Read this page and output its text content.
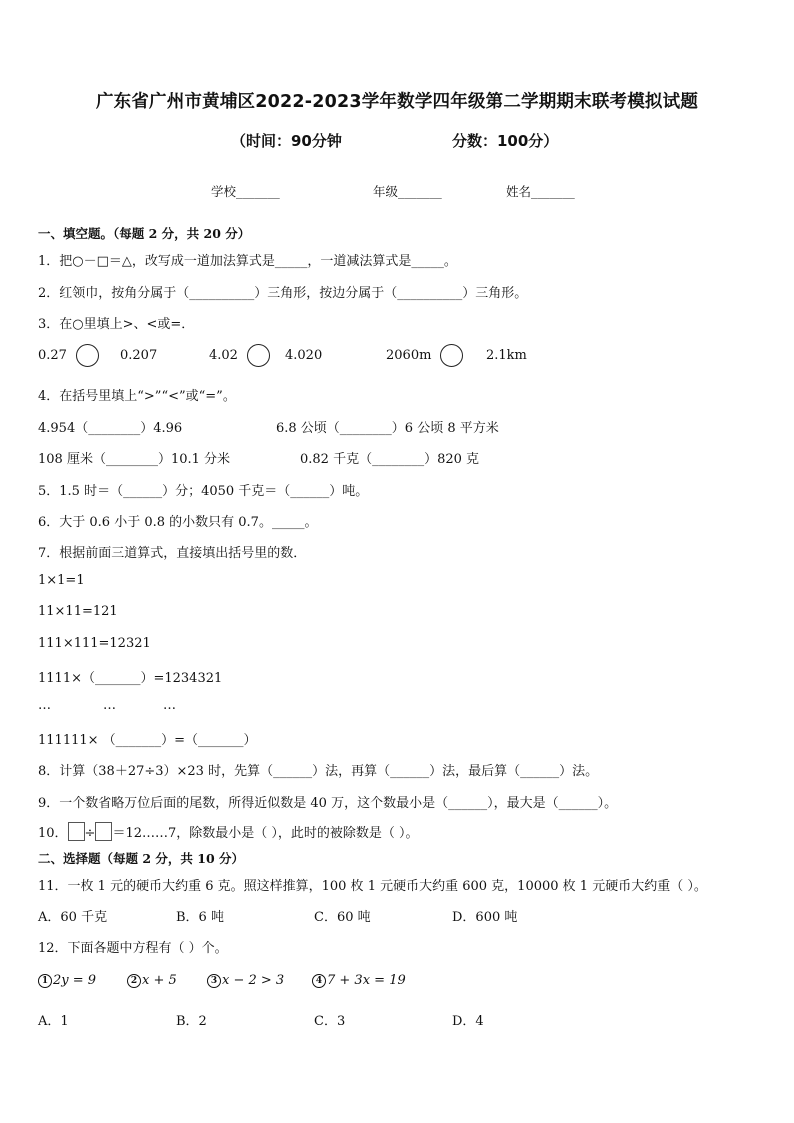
广东省广州市黄埔区2022-2023学年数学四年级第二学期期末联考模拟试题
（时间：90分钟	分数：100分）
学校_______	年级_______	姓名_______
一、填空题。（每题 2 分，共 20 分）
1．把○－□＝△，改写成一道加法算式是_____，一道减法算式是_____。
2．红领巾，按角分属于（__________）三角形，按边分属于（__________）三角形。
3．在○里填上>、<或=．
0.27	0.207	4.02	4.020	2060m	2.1km
4．在括号里填上“>”“<”或“=”。
4.954（________）4.96	6.8 公顷（________）6 公顷 8 平方米
108 厘米（________）10.1 分米	0.82 千克（________）820 克
5．1.5 时＝（______）分；4050 千克＝（______）吨。
6．大于 0.6 小于 0.8 的小数只有 0.7。_____。
7．根据前面三道算式，直接填出括号里的数．
1×1=1
11×11=121
111×111=12321
1111×（_______）=1234321
…	…	…
111111× （_______）=（_______）
8．计算（38＋27÷3）×23 时，先算（______）法，再算（______）法，最后算（______）法。
9．一个数省略万位后面的尾数，所得近似数是 40 万，这个数最小是（______），最大是（______）。
10． ÷ ＝12……7，除数最小是（ ），此时的被除数是（ ）。
二、选择题（每题 2 分，共 10 分）
11．一枚 1 元的硬币大约重 6 克。照这样推算，100 枚 1 元硬币大约重 600 克，10000 枚 1 元硬币大约重（ ）。
A．60 千克	B．6 吨	C．60 吨	D．600 吨
12．下面各题中方程有（ ）个。
1 2y = 9	2 x + 5	3 x − 2 > 3	4 7 + 3x = 19
A．1	B．2	C．3	D．4
